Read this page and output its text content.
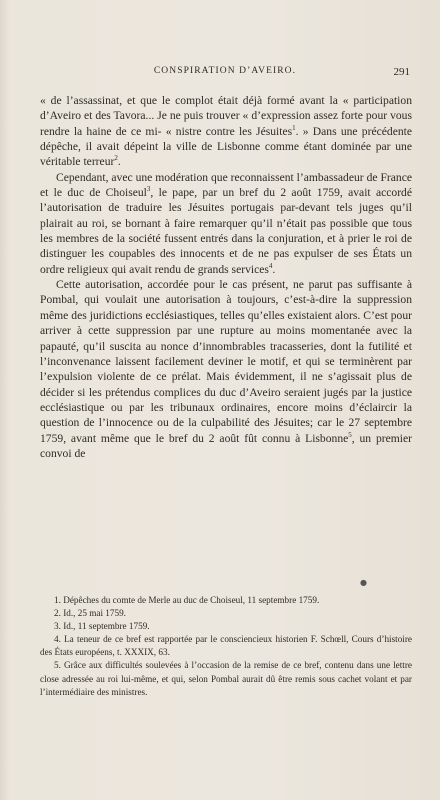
CONSPIRATION D’AVEIRO.	291

« de l’assassinat, et que le complot était déjà formé avant la « participation d’Aveiro et des Tavora... Je ne puis trouver « d’expression assez forte pour vous rendre la haine de ce mi- « nistre contre les Jésuites$^1$. » Dans une précédente dépêche, il avait dépeint la ville de Lisbonne comme étant dominée par une véritable terreur$^2$.

Cependant, avec une modération que reconnaissent l’ambassadeur de France et le duc de Choiseul$^3$, le pape, par un bref du 2 août 1759, avait accordé l’autorisation de traduire les Jésuites portugais par-devant tels juges qu’il plairait au roi, se bornant à faire remarquer qu’il n’était pas possible que tous les membres de la société fussent entrés dans la conjuration, et à prier le roi de distinguer les coupables des innocents et de ne pas expulser de ses États un ordre religieux qui avait rendu de grands services$^4$.

Cette autorisation, accordée pour le cas présent, ne parut pas suffisante à Pombal, qui voulait une autorisation à toujours, c’est-à-dire la suppression même des juridictions ecclésiastiques, telles qu’elles existaient alors. C’est pour arriver à cette suppression par une rupture au moins momentanée avec la papauté, qu’il suscita au nonce d’innombrables tracasseries, dont la futilité et l’inconvenance laissent facilement deviner le motif, et qui se terminèrent par l’expulsion violente de ce prélat. Mais évidemment, il ne s’agissait plus de décider si les prétendus complices du duc d’Aveiro seraient jugés par la justice ecclésiastique ou par les tribunaux ordinaires, encore moins d’éclaircir la question de l’innocence ou de la culpabilité des Jésuites; car le 27 septembre 1759, avant même que le bref du 2 août fût connu à Lisbonne$^5$, un premier convoi de

●

1. Dépêches du comte de Merle au duc de Choiseul, 11 septembre 1759.

2. Id., 25 mai 1759.

3. Id., 11 septembre 1759.

4. La teneur de ce bref est rapportée par le consciencieux historien F. Schœll, Cours d’histoire des États européens, t. XXXIX, 63.

5. Grâce aux difficultés soulevées à l’occasion de la remise de ce bref, contenu dans une lettre close adressée au roi lui-même, et qui, selon Pombal aurait dû être remis sous cachet volant et par l’intermédiaire des ministres.
